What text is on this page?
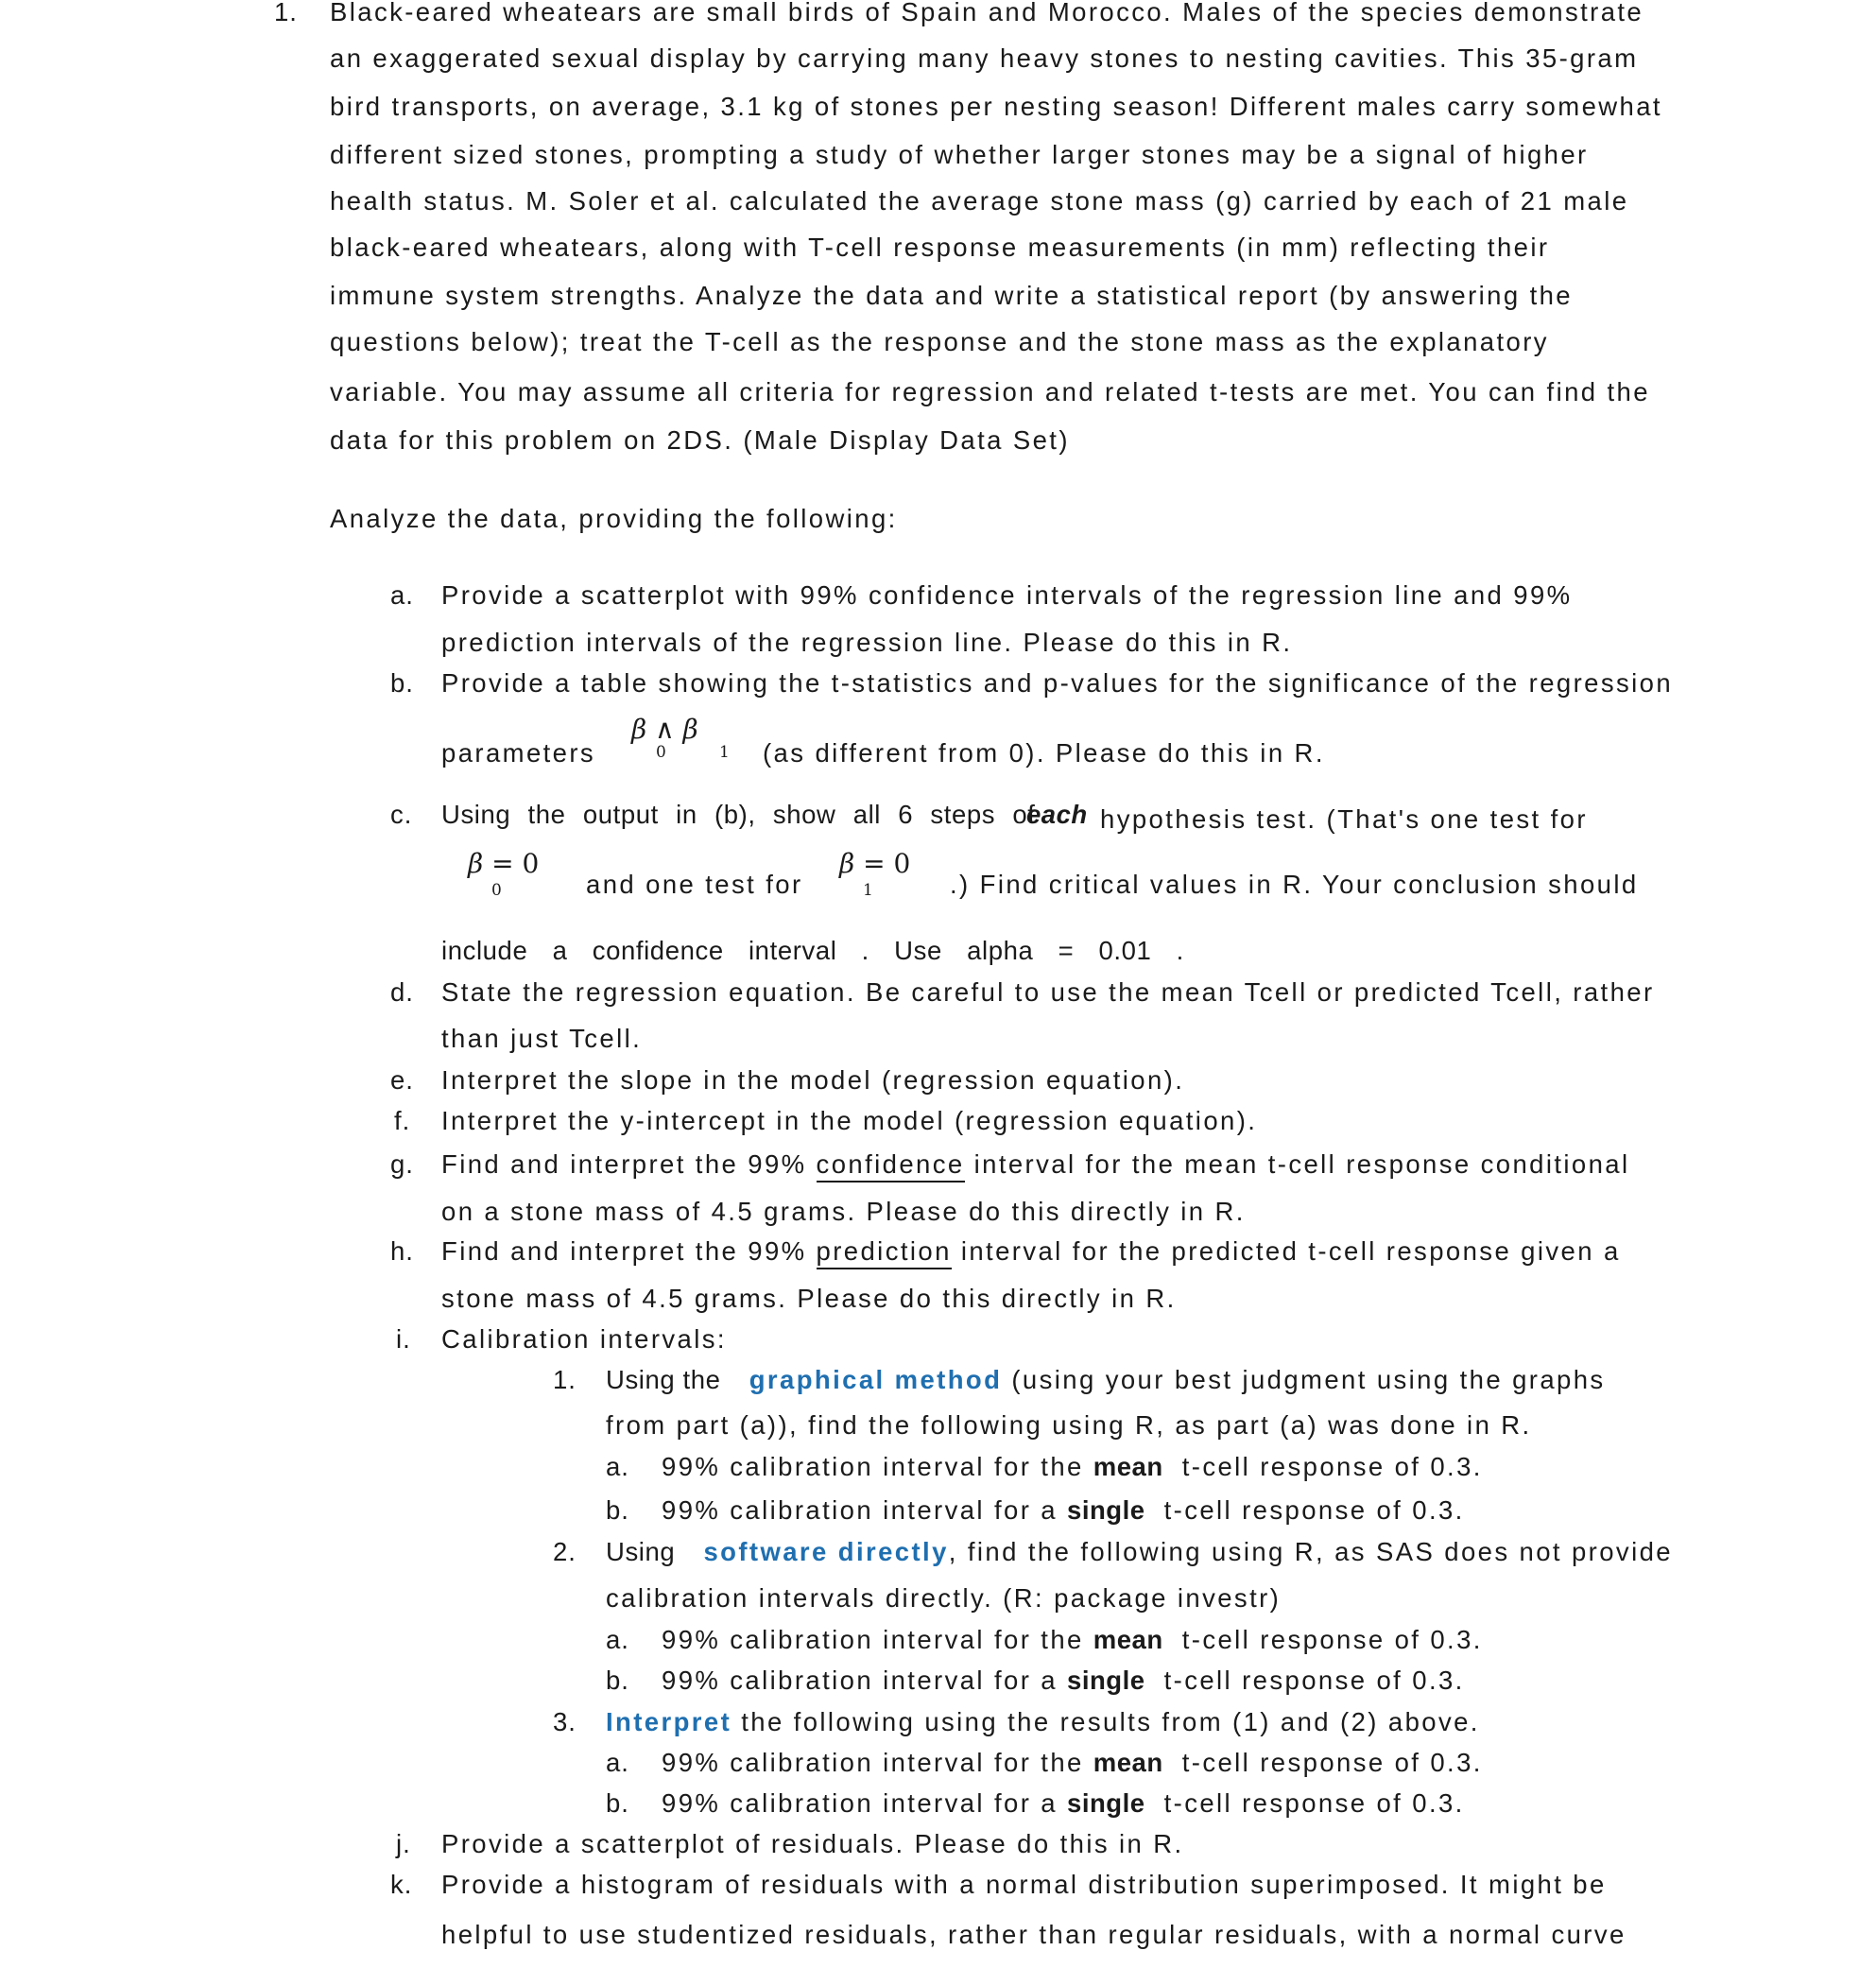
1. Black-eared wheatears are small birds of Spain and Morocco. Males of the species demonstrate
an exaggerated sexual display by carrying many heavy stones to nesting cavities. This 35-gram
bird transports, on average, 3.1 kg of stones per nesting season! Different males carry somewhat
different sized stones, prompting a study of whether larger stones may be a signal of higher
health status. M. Soler et al. calculated the average stone mass (g) carried by each of 21 male
black-eared wheatears, along with T-cell response measurements (in mm) reflecting their
immune system strengths. Analyze the data and write a statistical report (by answering the
questions below); treat the T-cell as the response and the stone mass as the explanatory
variable. You may assume all criteria for regression and related t-tests are met. You can find the
data for this problem on 2DS. (Male Display Data Set)
Analyze the data, providing the following:
a. Provide a scatterplot with 99% confidence intervals of the regression line and 99%
prediction intervals of the regression line. Please do this in R.
b. Provide a table showing the t-statistics and p-values for the significance of the regression
parameters
β ∧ β
0	1 (as different from 0). Please do this in R.
c. Using the output in (b), show all 6 steps of
each hypothesis test. (That's one test for
β = 0
0	and one test for
β = 0
1	.) Find critical values in R. Your conclusion should
include a confidence interval . Use alpha = 0.01 .
d. State the regression equation. Be careful to use the mean Tcell or predicted Tcell, rather
than just Tcell.
e. Interpret the slope in the model (regression equation).
f. Interpret the y-intercept in the model (regression equation).
g. Find and interpret the 99% confidence interval for the mean t-cell response conditional
on a stone mass of 4.5 grams. Please do this directly in R.
h. Find and interpret the 99% prediction interval for the predicted t-cell response given a
stone mass of 4.5 grams. Please do this directly in R.
i. Calibration intervals:
1. Using the graphical method (using your best judgment using the graphs
from part (a)), find the following using R, as part (a) was done in R.
a. 99% calibration interval for the mean t-cell response of 0.3.
b. 99% calibration interval for a single t-cell response of 0.3.
2. Using software directly, find the following using R, as SAS does not provide
calibration intervals directly. (R: package investr)
a. 99% calibration interval for the mean t-cell response of 0.3.
b. 99% calibration interval for a single t-cell response of 0.3.
3. Interpret the following using the results from (1) and (2) above.
a. 99% calibration interval for the mean t-cell response of 0.3.
b. 99% calibration interval for a single t-cell response of 0.3.
j. Provide a scatterplot of residuals. Please do this in R.
k. Provide a histogram of residuals with a normal distribution superimposed. It might be
helpful to use studentized residuals, rather than regular residuals, with a normal curve
